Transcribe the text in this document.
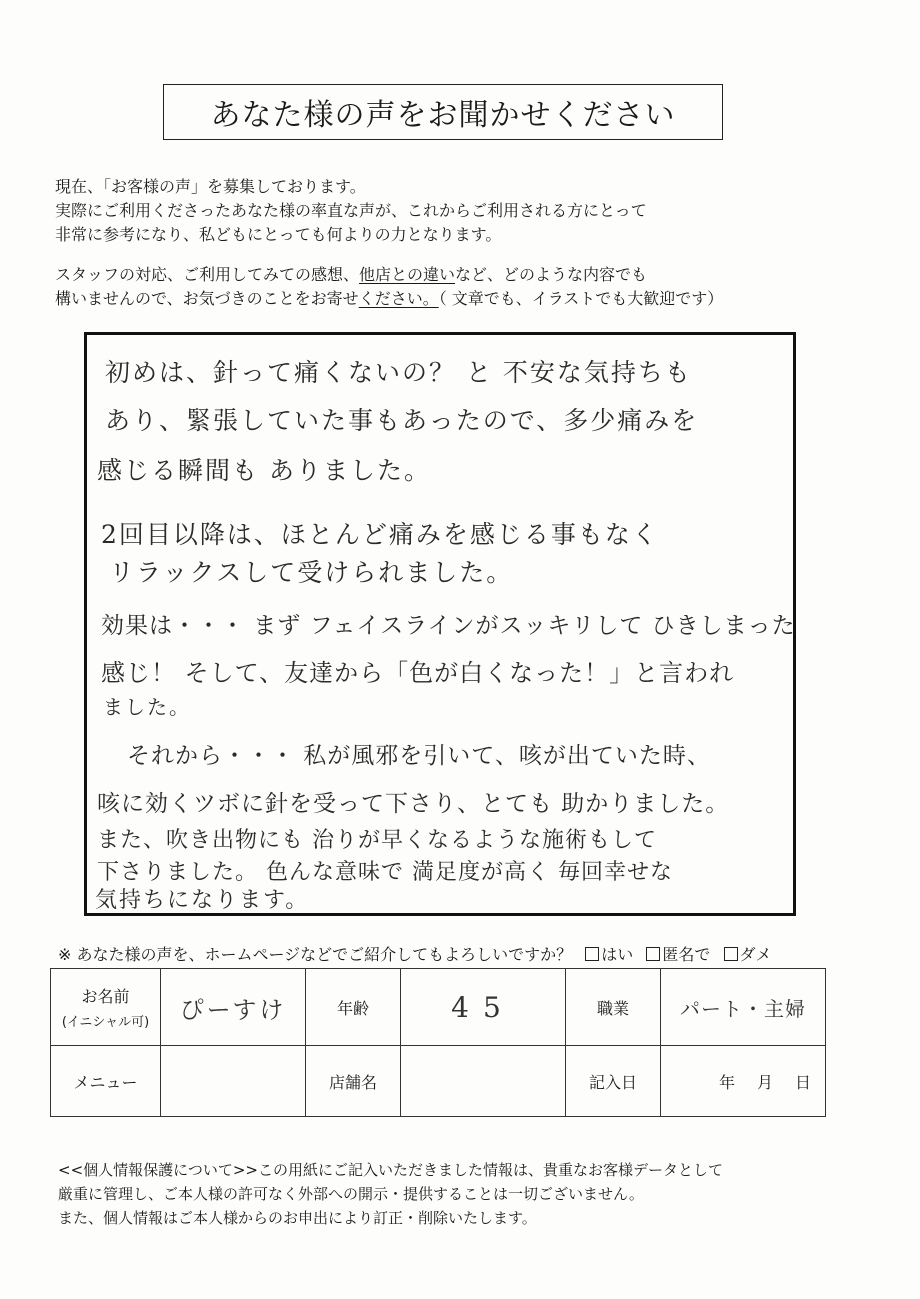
あなた様の声をお聞かせください
現在、「お客様の声」を募集しております。
実際にご利用くださったあなた様の率直な声が、これからご利用される方にとって
非常に参考になり、私どもにとっても何よりの力となります。
スタッフの対応、ご利用してみての感想、他店との違いなど、どのような内容でも
構いませんので、お気づきのことをお寄せください。（ 文章でも、イラストでも大歓迎です）
初めは、針って痛くないの？ と 不安な気持ちも
あり、緊張していた事もあったので、多少痛みを
感じる瞬間も ありました。
2回目以降は、ほとんど痛みを感じる事もなく
リラックスして受けられました。
効果は・・・ まず フェイスラインがスッキリして ひきしまった
感じ！ そして、友達から「色が白くなった！」と言われ
ました。
それから・・・ 私が風邪を引いて、咳が出ていた時、
咳に効くツボに針を受って下さり、とても 助かりました。
また、吹き出物にも 治りが早くなるような施術もして
下さりました。 色んな意味で 満足度が高く 毎回幸せな
気持ちになります。
※ あなた様の声を、ホームページなどでご紹介してもよろしいですか？ はい 匿名で ダメ
お名前
(イニシャル可)	ぴーすけ	年齢	45	職業	パート・主婦
メニュー		店舗名		記入日	年 月 日
<<個人情報保護について>>この用紙にご記入いただきました情報は、貴重なお客様データとして
厳重に管理し、ご本人様の許可なく外部への開示・提供することは一切ございません。
また、個人情報はご本人様からのお申出により訂正・削除いたします。
